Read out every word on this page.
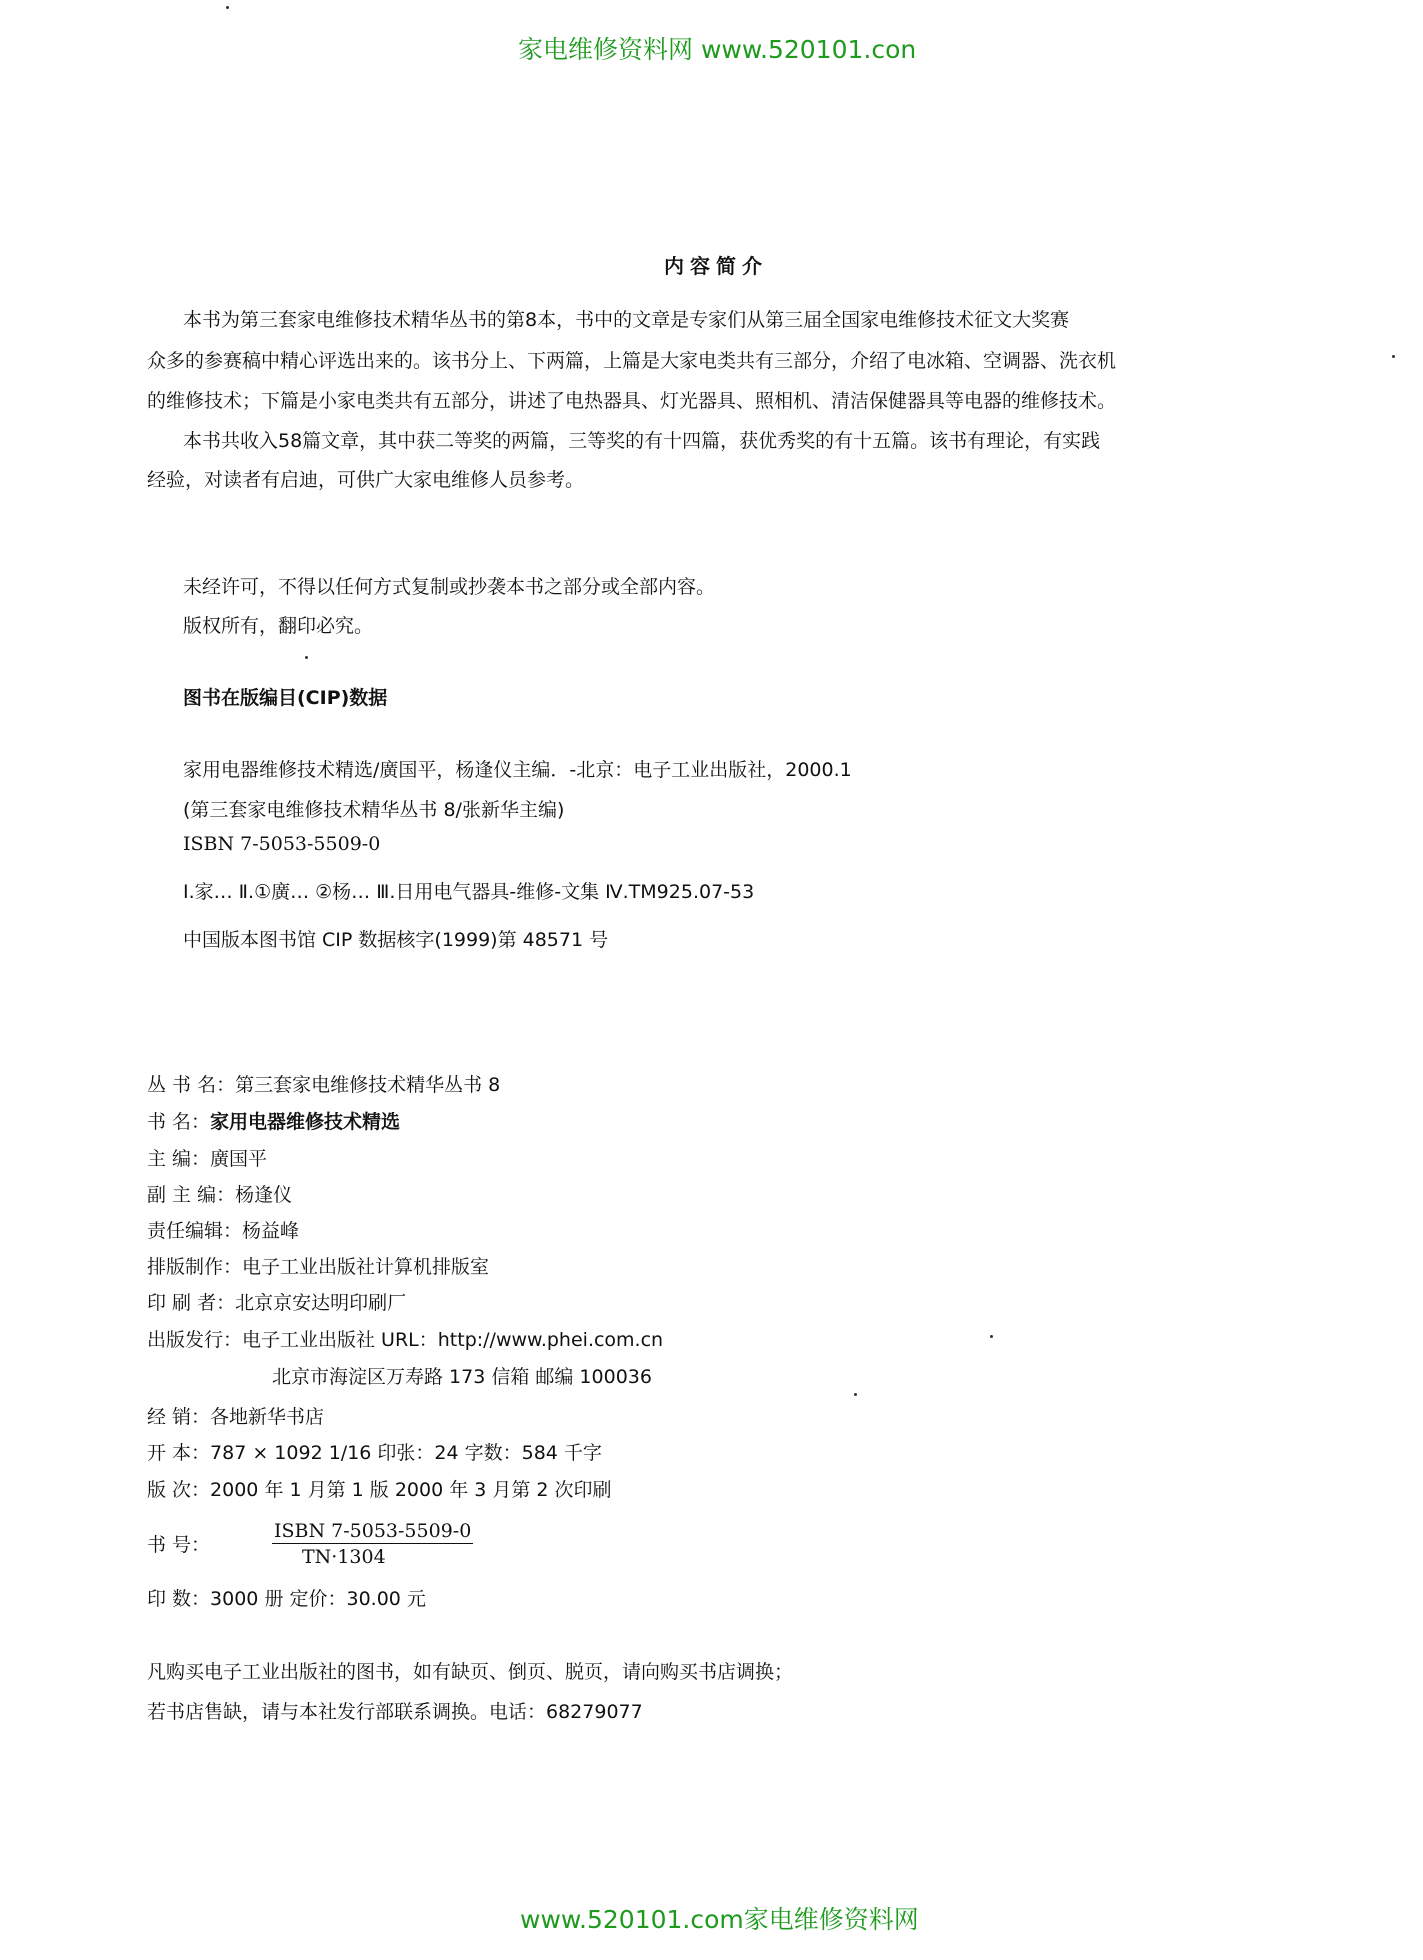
家电维修资料网 www.520101.con
内容简介
本书为第三套家电维修技术精华丛书的第8本，书中的文章是专家们从第三届全国家电维修技术征文大奖赛
众多的参赛稿中精心评选出来的。该书分上、下两篇，上篇是大家电类共有三部分，介绍了电冰箱、空调器、洗衣机
的维修技术；下篇是小家电类共有五部分，讲述了电热器具、灯光器具、照相机、清洁保健器具等电器的维修技术。
本书共收入58篇文章，其中获二等奖的两篇，三等奖的有十四篇，获优秀奖的有十五篇。该书有理论，有实践
经验，对读者有启迪，可供广大家电维修人员参考。
未经许可，不得以任何方式复制或抄袭本书之部分或全部内容。
版权所有，翻印必究。
图书在版编目(CIP)数据
家用电器维修技术精选/廣国平，杨逢仪主编．-北京：电子工业出版社，2000.1
(第三套家电维修技术精华丛书 8/张新华主编)
ISBN 7-5053-5509-0
Ⅰ.家… Ⅱ.①廣… ②杨… Ⅲ.日用电气器具-维修-文集 Ⅳ.TM925.07-53
中国版本图书馆 CIP 数据核字(1999)第 48571 号
丛 书 名：第三套家电维修技术精华丛书 8
书 名：家用电器维修技术精选
主 编：廣国平
副 主 编：杨逢仪
责任编辑：杨益峰
排版制作：电子工业出版社计算机排版室
印 刷 者：北京京安达明印刷厂
出版发行：电子工业出版社 URL：http://www.phei.com.cn
北京市海淀区万寿路 173 信箱 邮编 100036
经 销：各地新华书店
开 本：787 × 1092 1/16 印张：24 字数：584 千字
版 次：2000 年 1 月第 1 版 2000 年 3 月第 2 次印刷
书 号：
ISBN 7-5053-5509-0
TN·1304
印 数：3000 册 定价：30.00 元
凡购买电子工业出版社的图书，如有缺页、倒页、脱页，请向购买书店调换；
若书店售缺，请与本社发行部联系调换。电话：68279077
www.520101.com家电维修资料网
